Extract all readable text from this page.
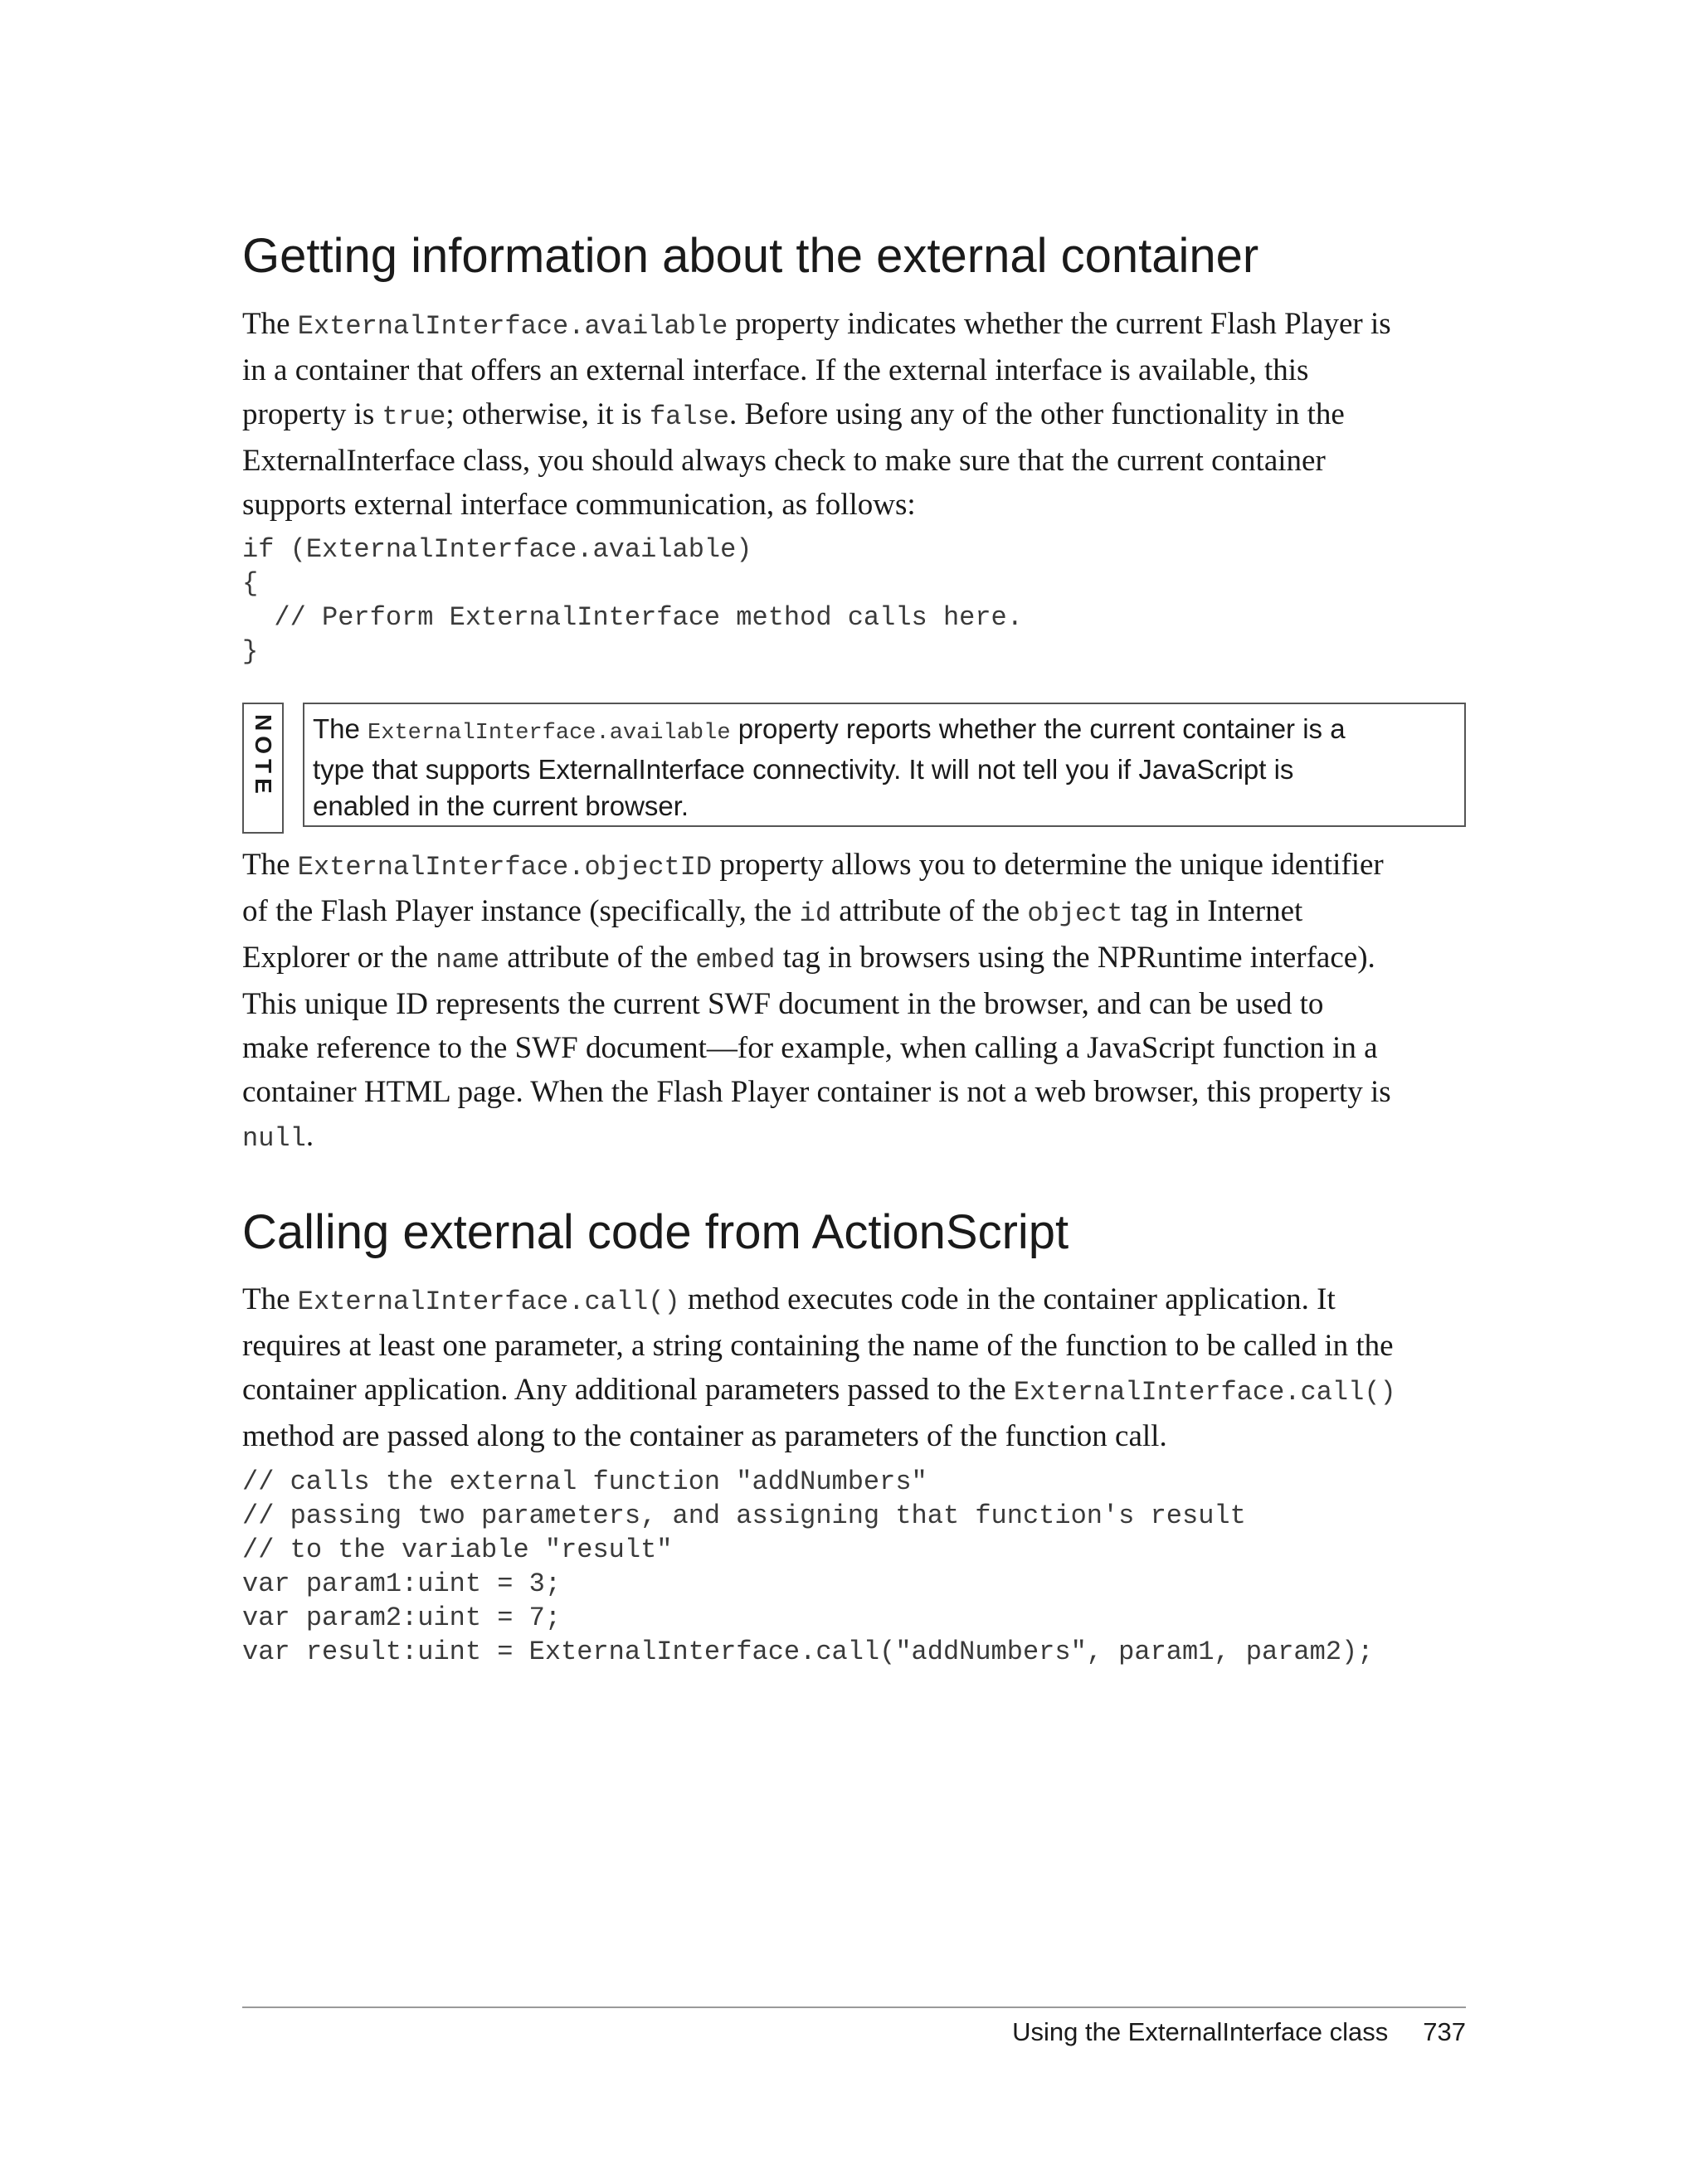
Getting information about the external container
The ExternalInterface.available property indicates whether the current Flash Player is
in a container that offers an external interface. If the external interface is available, this
property is true; otherwise, it is false. Before using any of the other functionality in the
ExternalInterface class, you should always check to make sure that the current container
supports external interface communication, as follows:
if (ExternalInterface.available)
{
// Perform ExternalInterface method calls here.
}
NOTE The ExternalInterface.available property reports whether the current container is a
type that supports ExternalInterface connectivity. It will not tell you if JavaScript is
enabled in the current browser.
The ExternalInterface.objectID property allows you to determine the unique identifier
of the Flash Player instance (specifically, the id attribute of the object tag in Internet
Explorer or the name attribute of the embed tag in browsers using the NPRuntime interface).
This unique ID represents the current SWF document in the browser, and can be used to
make reference to the SWF document—for example, when calling a JavaScript function in a
container HTML page. When the Flash Player container is not a web browser, this property is
null.
Calling external code from ActionScript
The ExternalInterface.call() method executes code in the container application. It
requires at least one parameter, a string containing the name of the function to be called in the
container application. Any additional parameters passed to the ExternalInterface.call()
method are passed along to the container as parameters of the function call.
// calls the external function "addNumbers"
// passing two parameters, and assigning that function's result
// to the variable "result"
var param1:uint = 3;
var param2:uint = 7;
var result:uint = ExternalInterface.call("addNumbers", param1, param2);
Using the ExternalInterface class 737
